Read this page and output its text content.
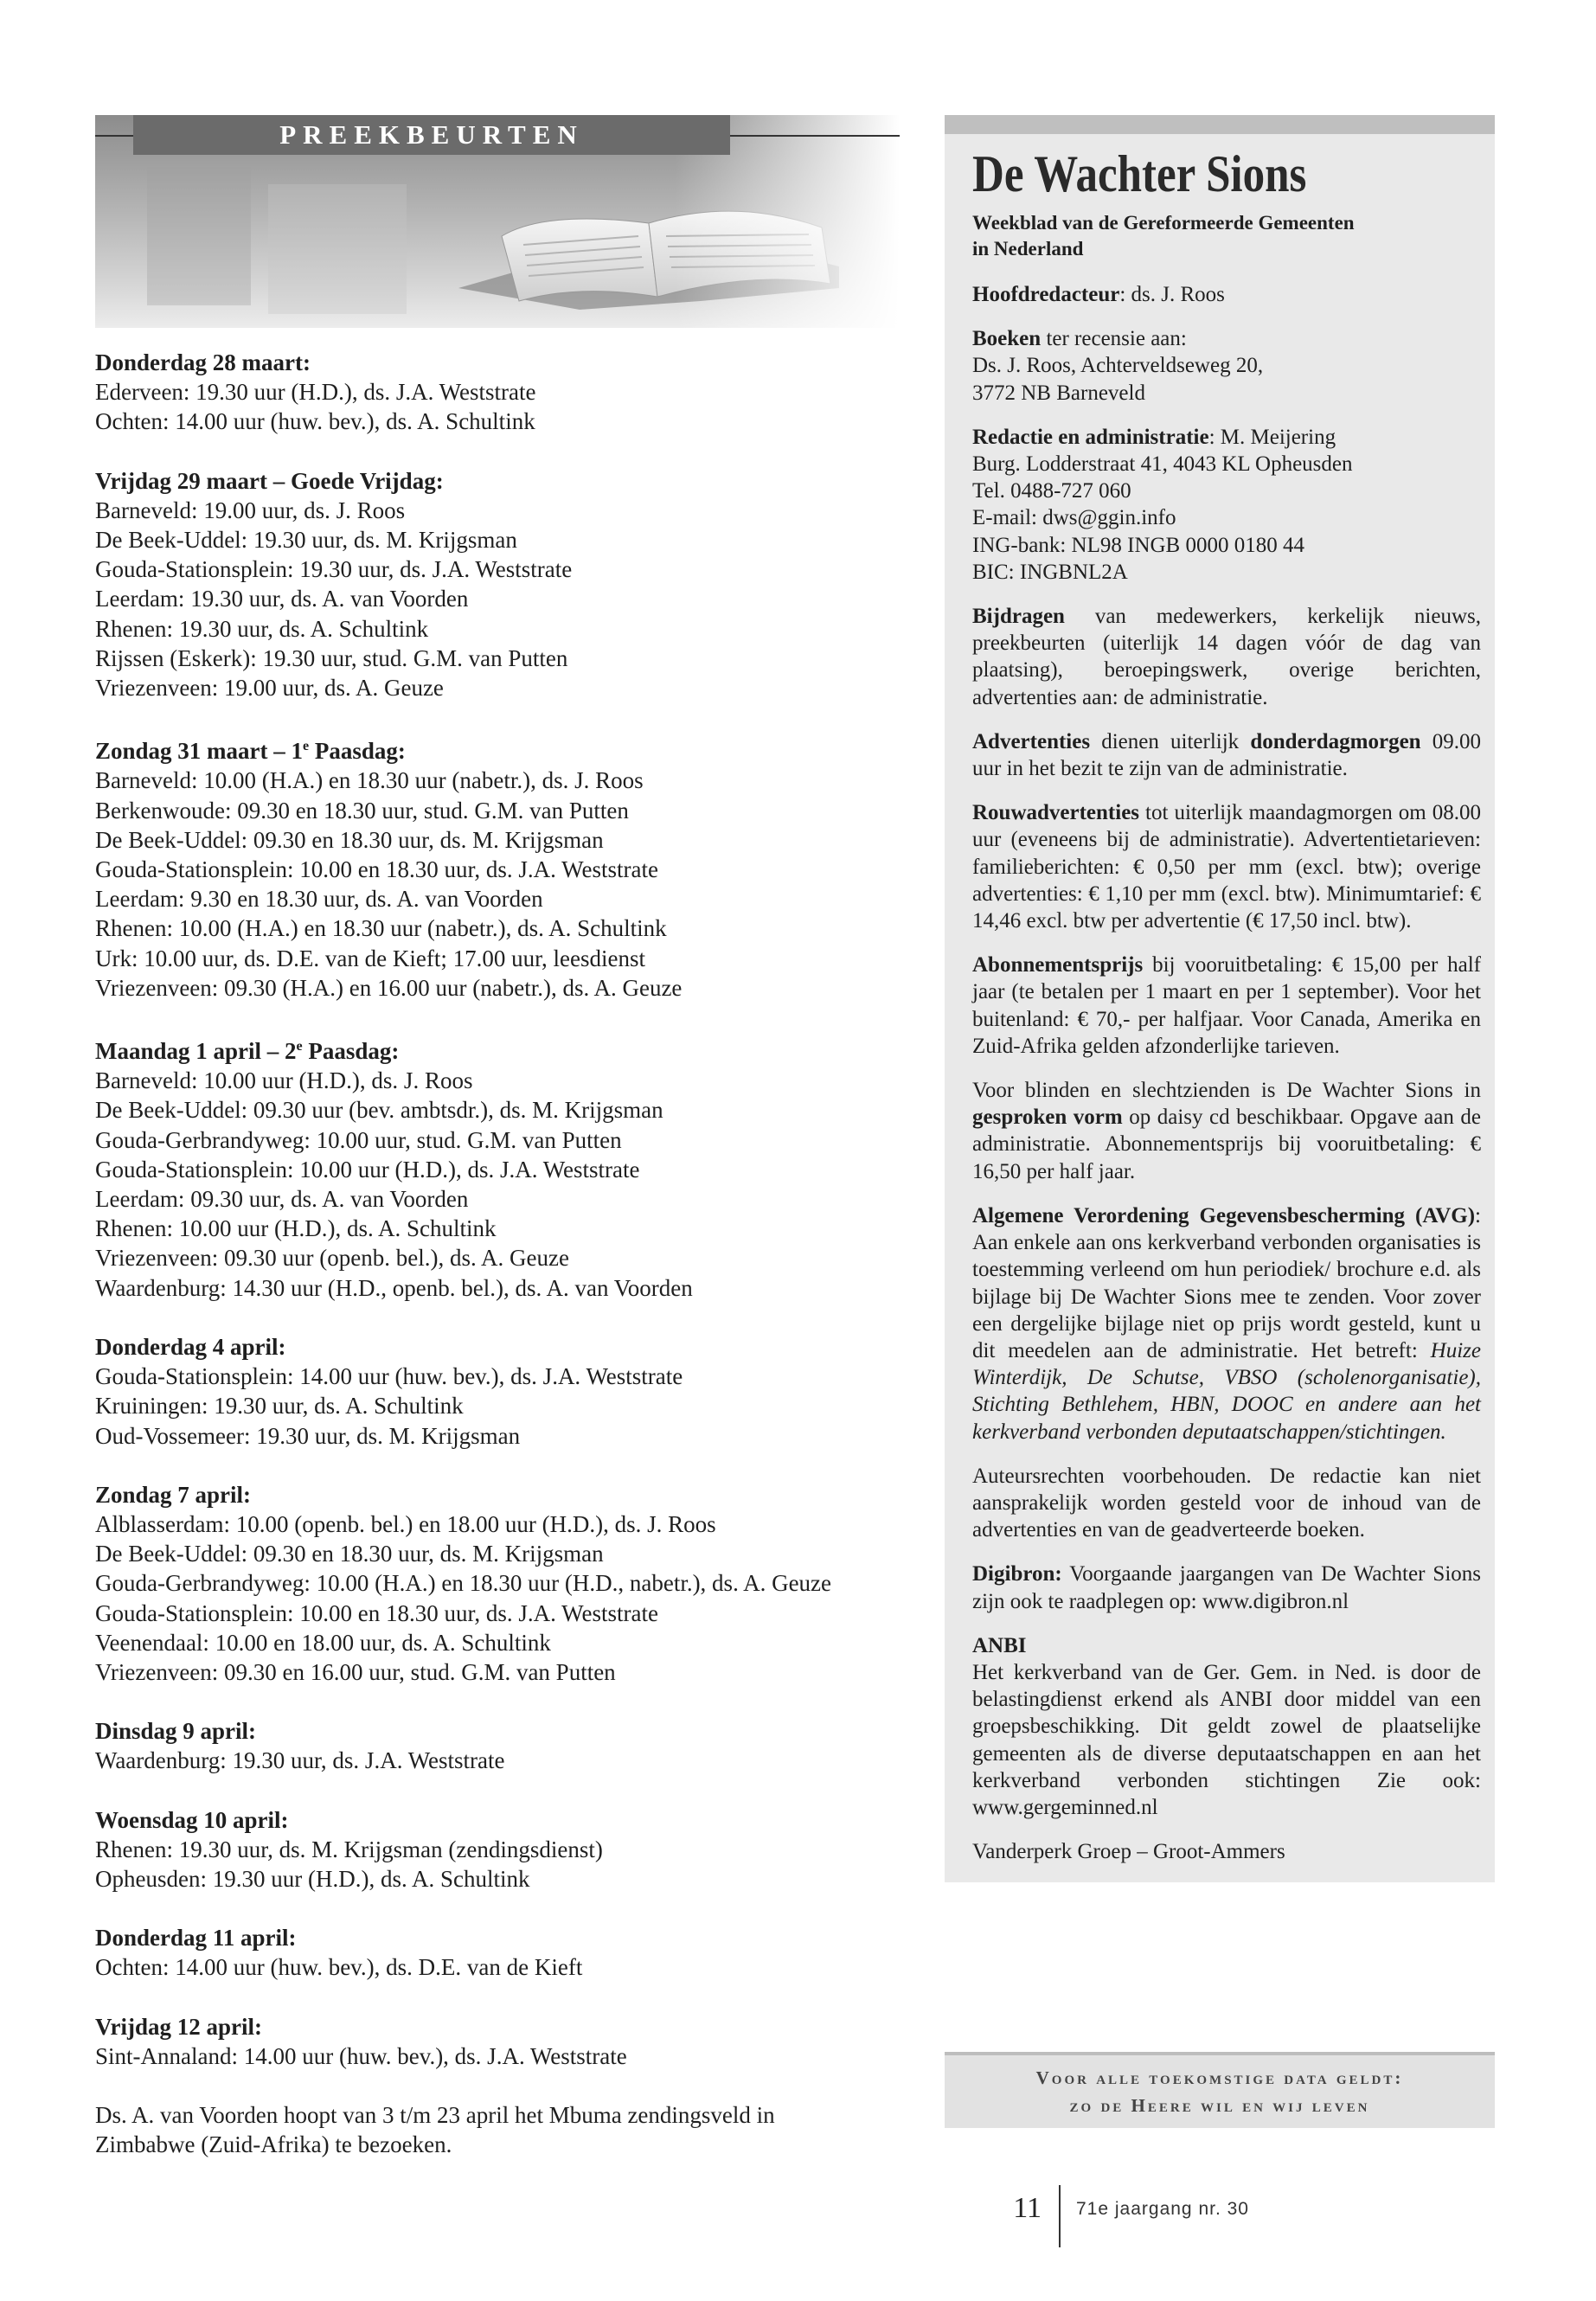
PREEKBEURTEN
Donderdag 28 maart:
Ederveen: 19.30 uur (H.D.), ds. J.A. Weststrate
Ochten: 14.00 uur (huw. bev.), ds. A. Schultink
Vrijdag 29 maart – Goede Vrijdag:
Barneveld: 19.00 uur, ds. J. Roos
De Beek-Uddel: 19.30 uur, ds. M. Krijgsman
Gouda-Stationsplein: 19.30 uur, ds. J.A. Weststrate
Leerdam: 19.30 uur, ds. A. van Voorden
Rhenen: 19.30 uur, ds. A. Schultink
Rijssen (Eskerk): 19.30 uur, stud. G.M. van Putten
Vriezenveen: 19.00 uur, ds. A. Geuze
Zondag 31 maart – 1e Paasdag:
Barneveld: 10.00 (H.A.) en 18.30 uur (nabetr.), ds. J. Roos
Berkenwoude: 09.30 en 18.30 uur, stud. G.M. van Putten
De Beek-Uddel: 09.30 en 18.30 uur, ds. M. Krijgsman
Gouda-Stationsplein: 10.00 en 18.30 uur, ds. J.A. Weststrate
Leerdam: 9.30 en 18.30 uur, ds. A. van Voorden
Rhenen: 10.00 (H.A.) en 18.30 uur (nabetr.), ds. A. Schultink
Urk: 10.00 uur, ds. D.E. van de Kieft; 17.00 uur, leesdienst
Vriezenveen: 09.30 (H.A.) en 16.00 uur (nabetr.), ds. A. Geuze
Maandag 1 april – 2e Paasdag:
Barneveld: 10.00 uur (H.D.), ds. J. Roos
De Beek-Uddel: 09.30 uur (bev. ambtsdr.), ds. M. Krijgsman
Gouda-Gerbrandyweg: 10.00 uur, stud. G.M. van Putten
Gouda-Stationsplein: 10.00 uur (H.D.), ds. J.A. Weststrate
Leerdam: 09.30 uur, ds. A. van Voorden
Rhenen: 10.00 uur (H.D.), ds. A. Schultink
Vriezenveen: 09.30 uur (openb. bel.), ds. A. Geuze
Waardenburg: 14.30 uur (H.D., openb. bel.), ds. A. van Voorden
Donderdag 4 april:
Gouda-Stationsplein: 14.00 uur (huw. bev.), ds. J.A. Weststrate
Kruiningen: 19.30 uur, ds. A. Schultink
Oud-Vossemeer: 19.30 uur, ds. M. Krijgsman
Zondag 7 april:
Alblasserdam: 10.00 (openb. bel.) en 18.00 uur (H.D.), ds. J. Roos
De Beek-Uddel: 09.30 en 18.30 uur, ds. M. Krijgsman
Gouda-Gerbrandyweg: 10.00 (H.A.) en 18.30 uur (H.D., nabetr.), ds. A. Geuze
Gouda-Stationsplein: 10.00 en 18.30 uur, ds. J.A. Weststrate
Veenendaal: 10.00 en 18.00 uur, ds. A. Schultink
Vriezenveen: 09.30 en 16.00 uur, stud. G.M. van Putten
Dinsdag 9 april:
Waardenburg: 19.30 uur, ds. J.A. Weststrate
Woensdag 10 april:
Rhenen: 19.30 uur, ds. M. Krijgsman (zendingsdienst)
Opheusden: 19.30 uur (H.D.), ds. A. Schultink
Donderdag 11 april:
Ochten: 14.00 uur (huw. bev.), ds. D.E. van de Kieft
Vrijdag 12 april:
Sint-Annaland: 14.00 uur (huw. bev.), ds. J.A. Weststrate
Ds. A. van Voorden hoopt van 3 t/m 23 april het Mbuma zendingsveld in
Zimbabwe (Zuid-Afrika) te bezoeken.
De Wachter Sions
Weekblad van de Gereformeerde Gemeenten
in Nederland
Hoofdredacteur: ds. J. Roos
Boeken ter recensie aan:
Ds. J. Roos, Achterveldseweg 20,
3772 NB Barneveld
Redactie en administratie: M. Meijering
Burg. Lodderstraat 41, 4043 KL Opheusden
Tel. 0488-727 060
E-mail: dws@ggin.info
ING-bank: NL98 INGB 0000 0180 44
BIC: INGBNL2A
Bijdragen van medewerkers, kerkelijk nieuws, preekbeurten (uiterlijk 14 dagen vóór de dag van plaatsing), beroepingswerk, overige berichten, advertenties aan: de administratie.
Advertenties dienen uiterlijk donderdagmorgen 09.00 uur in het bezit te zijn van de administratie.
Rouwadvertenties tot uiterlijk maandagmorgen om 08.00 uur (eveneens bij de administratie). Advertentietarieven: familieberichten: € 0,50 per mm (excl. btw); overige advertenties: € 1,10 per mm (excl. btw). Minimumtarief: € 14,46 excl. btw per advertentie (€ 17,50 incl. btw).
Abonnementsprijs bij vooruitbetaling: € 15,00 per half jaar (te betalen per 1 maart en per 1 september). Voor het buitenland: € 70,- per halfjaar. Voor Canada, Amerika en Zuid-Afrika gelden afzonderlijke tarieven.
Voor blinden en slechtzienden is De Wachter Sions in gesproken vorm op daisy cd beschikbaar. Opgave aan de administratie. Abonnementsprijs bij vooruitbetaling: € 16,50 per half jaar.
Algemene Verordening Gegevensbescherming (AVG): Aan enkele aan ons kerkverband verbonden organisaties is toestemming verleend om hun periodiek/ brochure e.d. als bijlage bij De Wachter Sions mee te zenden. Voor zover een dergelijke bijlage niet op prijs wordt gesteld, kunt u dit meedelen aan de administratie. Het betreft: Huize Winterdijk, De Schutse, VBSO (scholenorganisatie), Stichting Bethlehem, HBN, DOOC en andere aan het kerkverband verbonden deputaatschappen/stichtingen.
Auteursrechten voorbehouden. De redactie kan niet aansprakelijk worden gesteld voor de inhoud van de advertenties en van de geadverteerde boeken.
Digibron: Voorgaande jaargangen van De Wachter Sions zijn ook te raadplegen op: www.digibron.nl
ANBI
Het kerkverband van de Ger. Gem. in Ned. is door de belastingdienst erkend als ANBI door middel van een groepsbeschikking. Dit geldt zowel de plaatselijke gemeenten als de diverse deputaatschappen en aan het kerkverband verbonden stichtingen Zie ook: www.gergeminned.nl
Vanderperk Groep – Groot-Ammers
Voor alle toekomstige data geldt:
zo de Heere wil en wij leven
11 71e jaargang nr. 30
